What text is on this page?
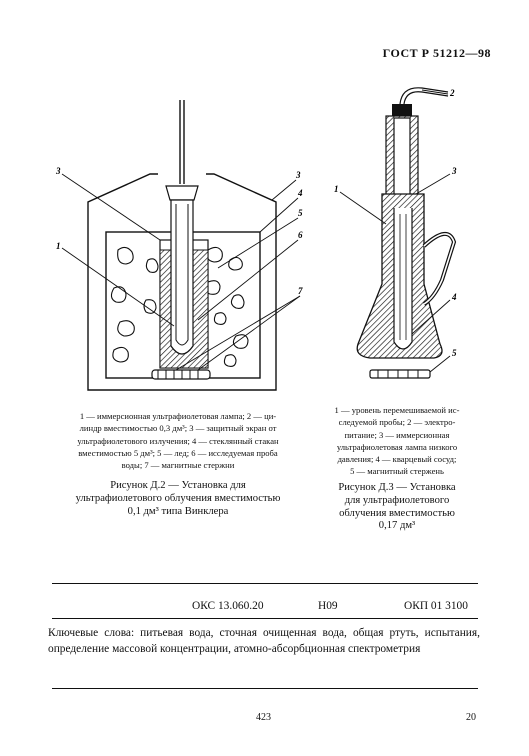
ГОСТ Р 51212—98
3
1
3
4
5
6
7
2
3
1
4
5
1 — иммерсионная ультрафиолетовая лампа; 2 — ци-
линдр вместимостью 0,3 дм³; 3 — защитный экран от
ультрафиолетового излучения; 4 — стеклянный стакан
вместимостью 5 дм³; 5 — лед; 6 — исследуемая проба
воды; 7 — магнитные стержни
Рисунок Д.2 — Установка для
ультрафиолетового облучения вместимостью
0,1 дм³ типа Винклера
1 — уровень перемешиваемой ис-
следуемой пробы; 2 — электро-
питание; 3 — иммерсионная
ультрафиолетовая лампа низкого
давления; 4 — кварцевый сосуд;
5 — магнитный стержень
Рисунок Д.3 — Установка
для ультрафиолетового
облучения вместимостью
0,17 дм³
ОКС 13.060.20	Н09	ОКП 01 3100
Ключевые слова: питьевая вода, сточная очищенная вода, общая ртуть, испытания, определение массовой концентрации, атомно-абсорбционная спектрометрия
423	20
